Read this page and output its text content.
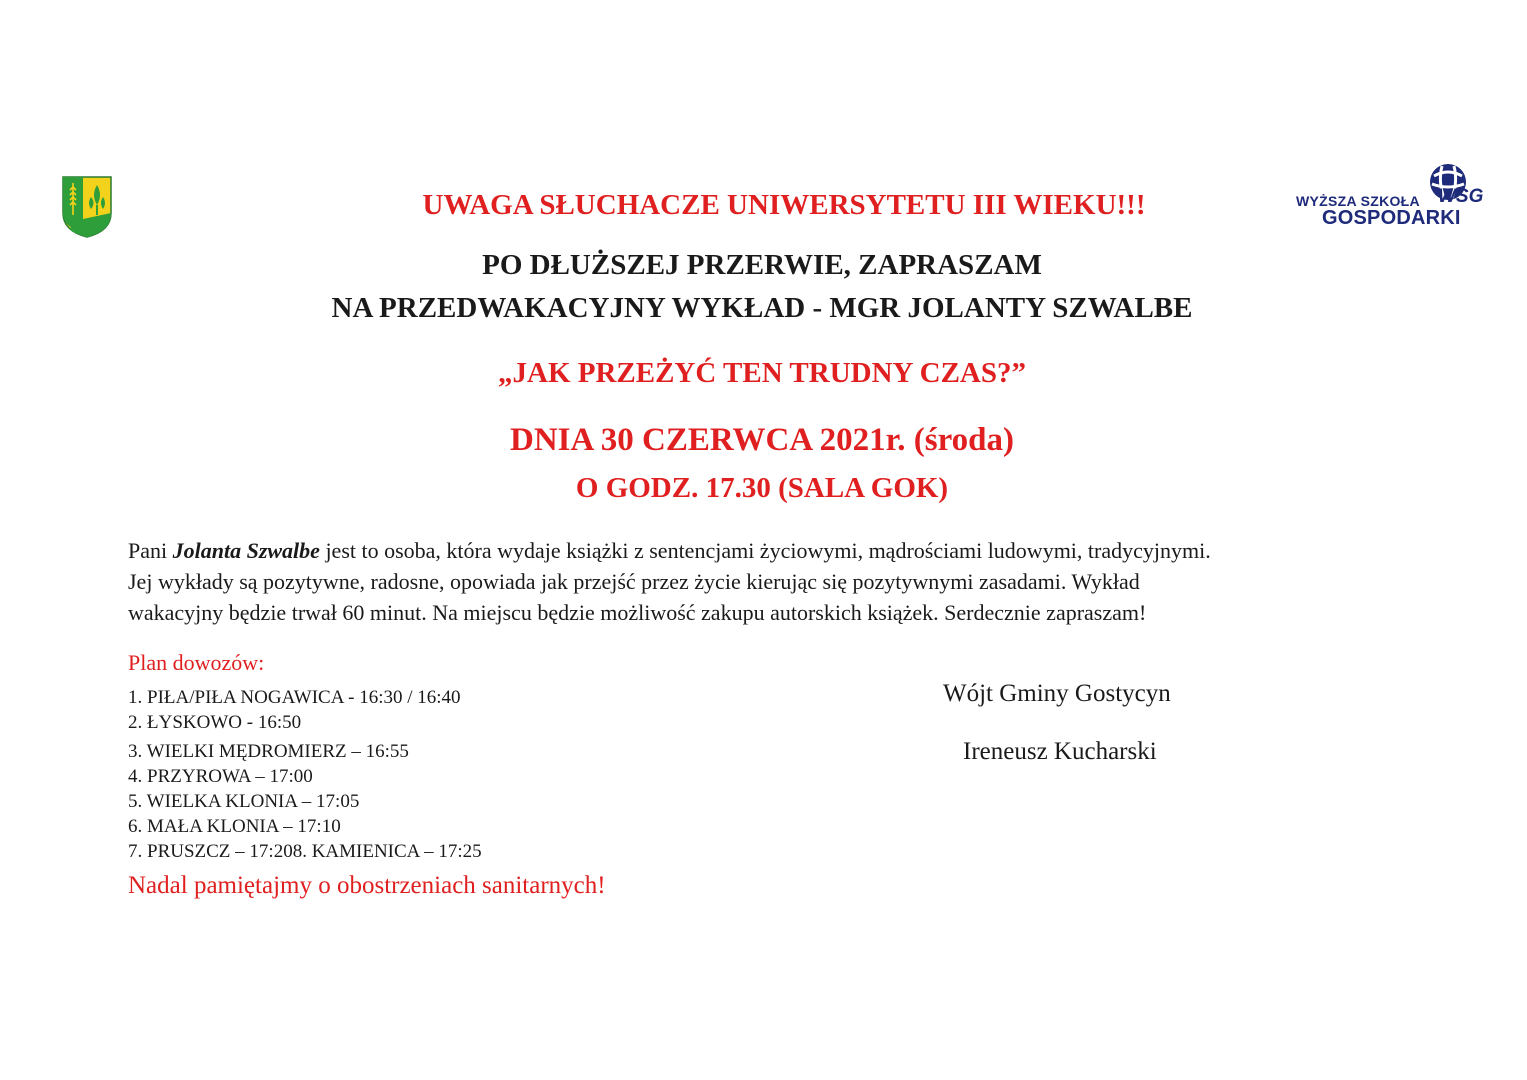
WSG
WYŻSZA SZKOŁA
GOSPODARKI
UWAGA SŁUCHACZE UNIWERSYTETU III WIEKU!!!
PO DŁUŻSZEJ PRZERWIE, ZAPRASZAM
NA PRZEDWAKACYJNY WYKŁAD - MGR JOLANTY SZWALBE
„JAK PRZEŻYĆ TEN TRUDNY CZAS?”
DNIA 30 CZERWCA 2021r. (środa)
O GODZ. 17.30 (SALA GOK)
Pani Jolanta Szwalbe jest to osoba, która wydaje książki z sentencjami życiowymi, mądrościami ludowymi, tradycyjnymi.
Jej wykłady są pozytywne, radosne, opowiada jak przejść przez życie kierując się pozytywnymi zasadami. Wykład
wakacyjny będzie trwał 60 minut. Na miejscu będzie możliwość zakupu autorskich książek. Serdecznie zapraszam!
Plan dowozów:
1. PIŁA/PIŁA NOGAWICA - 16:30 / 16:40
2. ŁYSKOWO - 16:50
3. WIELKI MĘDROMIERZ – 16:55
4. PRZYROWA – 17:00
5. WIELKA KLONIA – 17:05
6. MAŁA KLONIA – 17:10
7. PRUSZCZ – 17:208. KAMIENICA – 17:25
Nadal pamiętajmy o obostrzeniach sanitarnych!
Wójt Gminy Gostycyn
Ireneusz Kucharski
